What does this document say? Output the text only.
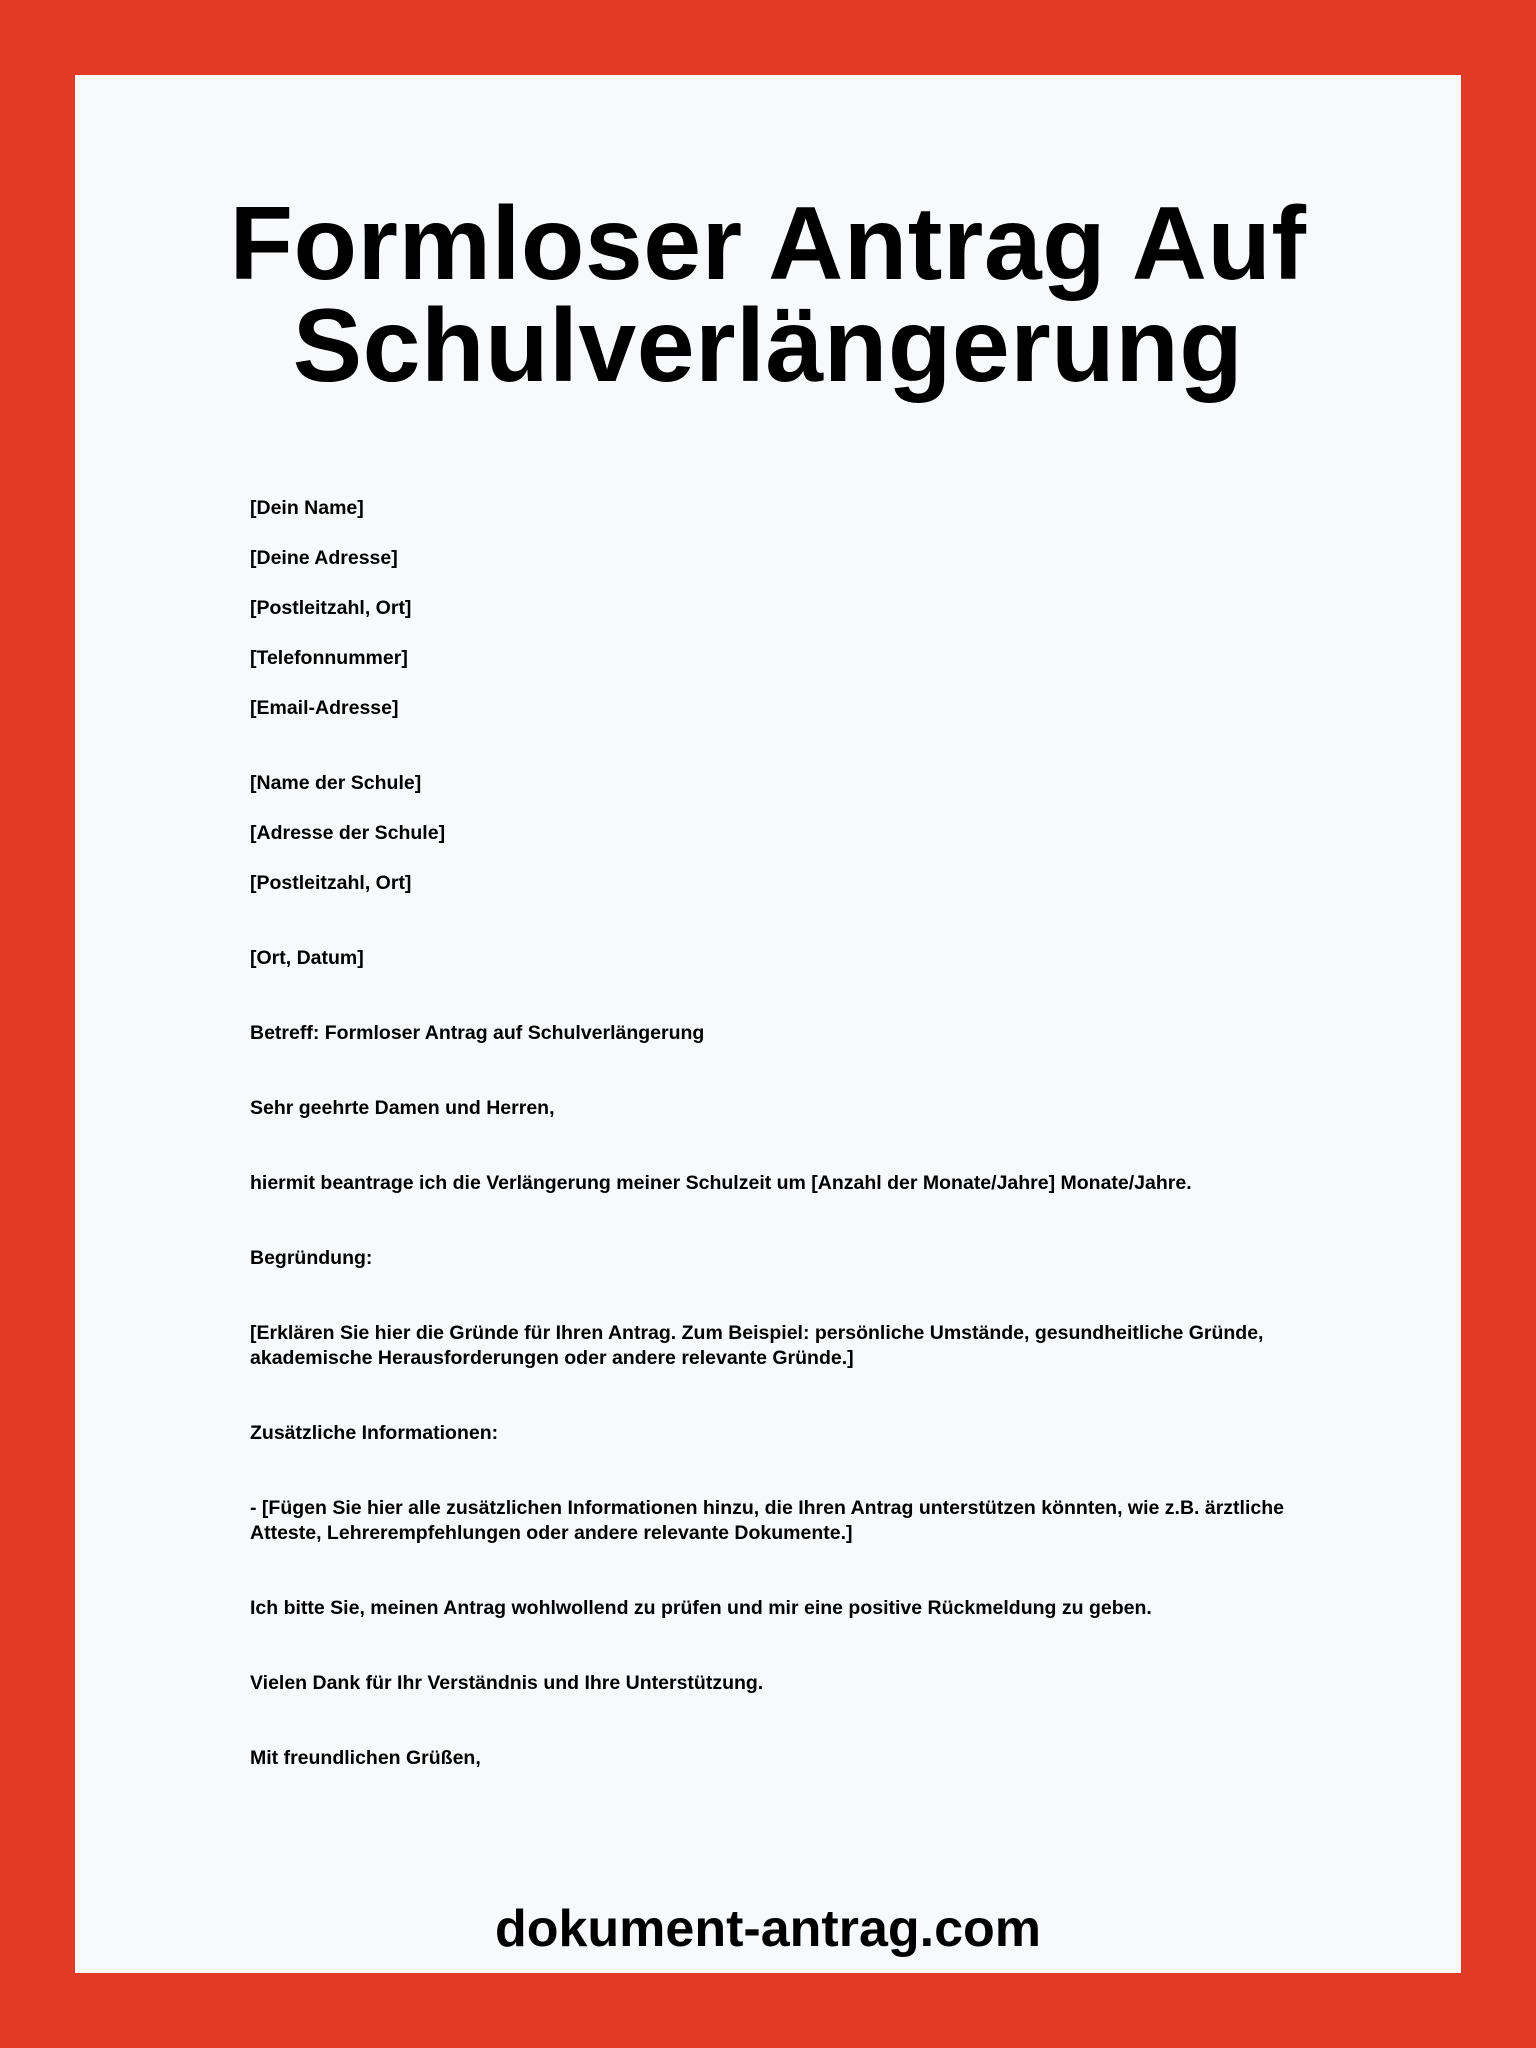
Formloser Antrag Auf
Schulverlängerung
[Dein Name]
[Deine Adresse]
[Postleitzahl, Ort]
[Telefonnummer]
[Email-Adresse]
[Name der Schule]
[Adresse der Schule]
[Postleitzahl, Ort]
[Ort, Datum]
Betreff: Formloser Antrag auf Schulverlängerung
Sehr geehrte Damen und Herren,
hiermit beantrage ich die Verlängerung meiner Schulzeit um [Anzahl der Monate/Jahre] Monate/Jahre.
Begründung:
[Erklären Sie hier die Gründe für Ihren Antrag. Zum Beispiel: persönliche Umstände, gesundheitliche Gründe, akademische Herausforderungen oder andere relevante Gründe.]
Zusätzliche Informationen:
- [Fügen Sie hier alle zusätzlichen Informationen hinzu, die Ihren Antrag unterstützen könnten, wie z.B. ärztliche Atteste, Lehrerempfehlungen oder andere relevante Dokumente.]
Ich bitte Sie, meinen Antrag wohlwollend zu prüfen und mir eine positive Rückmeldung zu geben.
Vielen Dank für Ihr Verständnis und Ihre Unterstützung.
Mit freundlichen Grüßen,
dokument-antrag.com
